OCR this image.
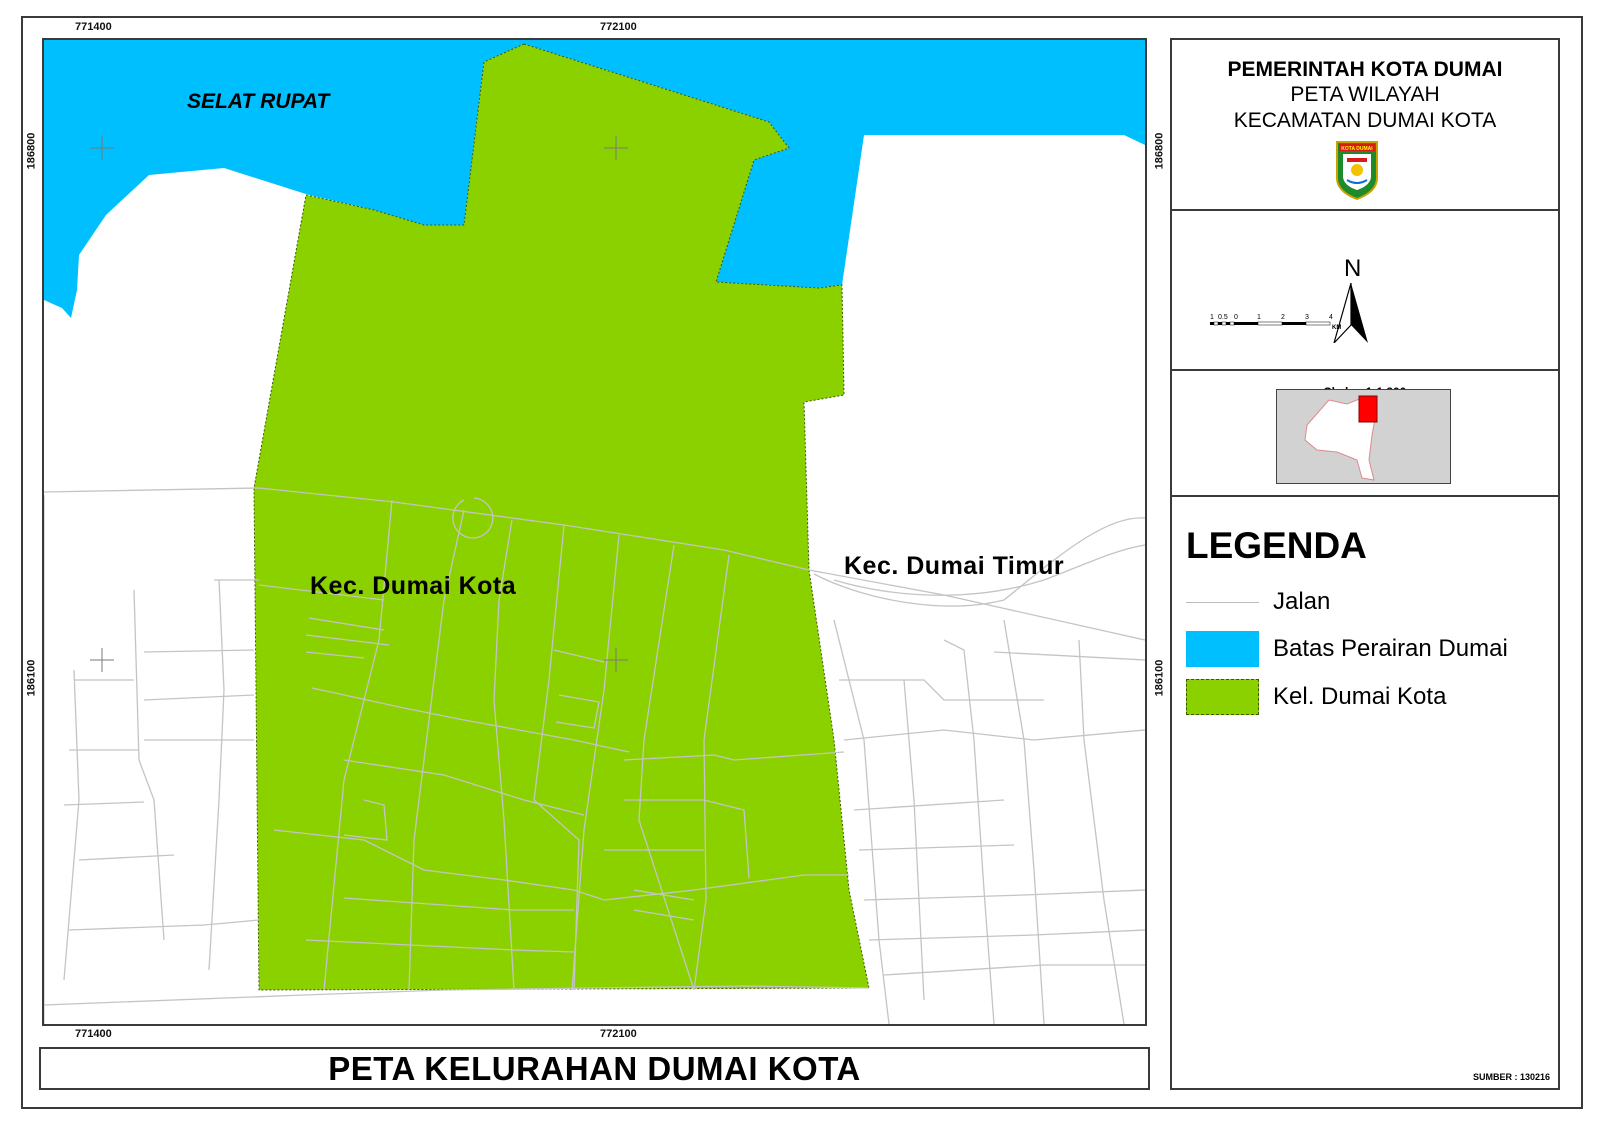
771400	772100
771400	772100
186800
186100
186800
186100
SELAT RUPAT
Kec. Dumai Kota
Kec. Dumai Timur
PETA KELURAHAN DUMAI KOTA
PEMERINTAH KOTA DUMAI
PETA WILAYAH
KECAMATAN DUMAI KOTA
KOTA DUMAI
N
1 0.5 0	1	2	3	4
KM
LEGENDA
Jalan
Batas Perairan Dumai
Kel. Dumai Kota
SUMBER : 130216
